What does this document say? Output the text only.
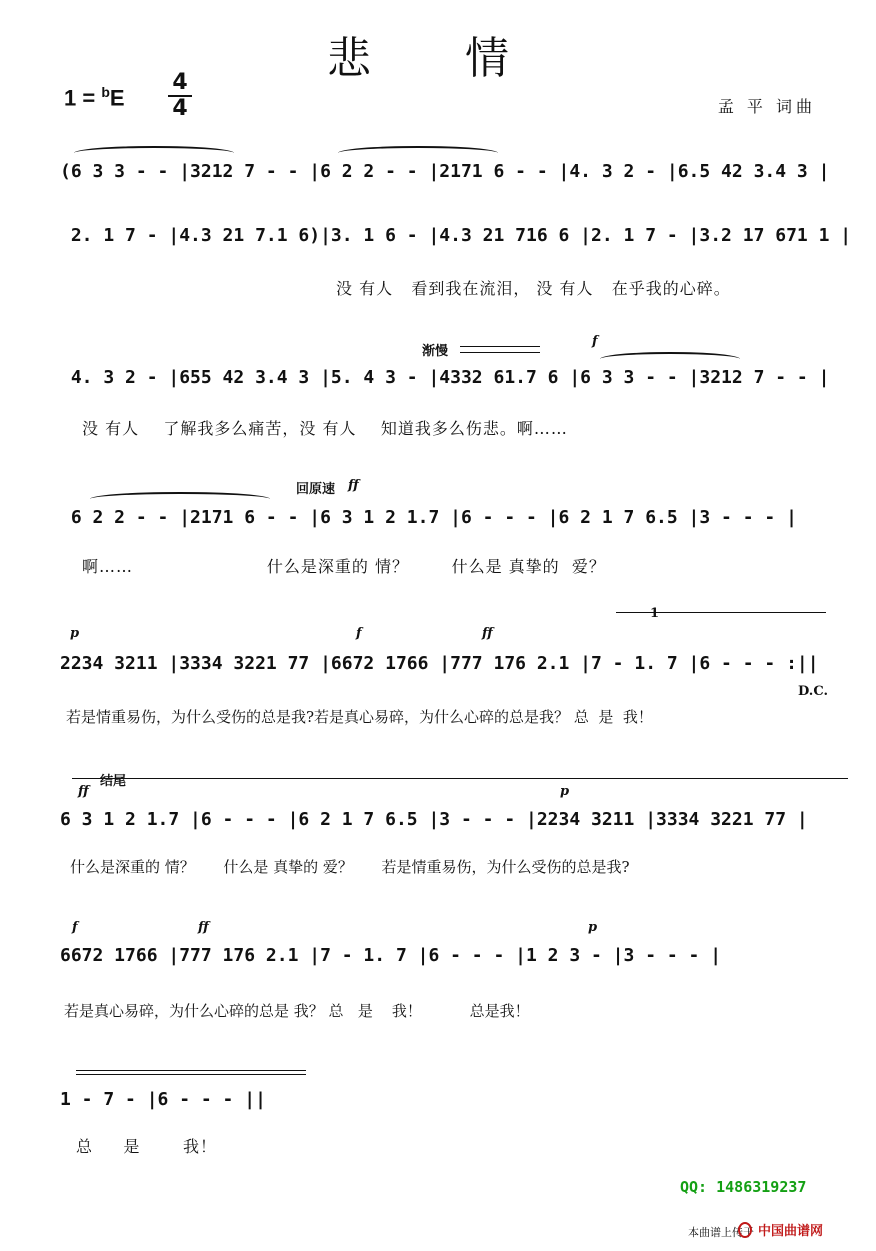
悲 情
1 = $^b$E
4
4	孟 平 词曲
(6 3 3 - - |3212 7 - - |6 2 2 - - |2171 6 - - |4. 3 2 - |6.5 42 3.4 3 |
2. 1 7 - |4.3 21 7.1 6)|3. 1 6 - |4.3 21 716 6 |2. 1 7 - |3.2 17 671 1 |
没 有人   看到我在流泪， 没 有人   在乎我的心碎。
渐慢
f
4. 3 2 - |655 42 3.4 3 |5. 4 3 - |4332 61.7 6 |6 3 3 - - |3212 7 - - |
没 有人    了解我多么痛苦，没 有人    知道我多么伤悲。啊……
回原速 ff
6 2 2 - - |2171 6 - - |6 3 1 2 1.7 |6 - - - |6 2 1 7 6.5 |3 - - - |
啊……                      什么是深重的 情？       什么是 真挚的  爱？
p	f	ff
1
2234 3211 |3334 3221 77 |6672 1766 |777 176 2.1 |7 - 1. 7 |6 - - - :||
D.C.
若是情重易伤，为什么受伤的总是我?若是真心易碎，为什么心碎的总是我？ 总  是  我！
结尾
ff	p
6 3 1 2 1.7 |6 - - - |6 2 1 7 6.5 |3 - - - |2234 3211 |3334 3221 77 |
什么是深重的 情？      什么是 真挚的 爱？      若是情重易伤，为什么受伤的总是我?
f	ff	p
6672 1766 |777 176 2.1 |7 - 1. 7 |6 - - - |1 2 3 - |3 - - - |
若是真心易碎，为什么心碎的总是 我？ 总   是    我！          总是我！
1 - 7 - |6 - - - ||
总     是       我！
QQ: 1486319237
本曲谱上传于 中国曲谱网
